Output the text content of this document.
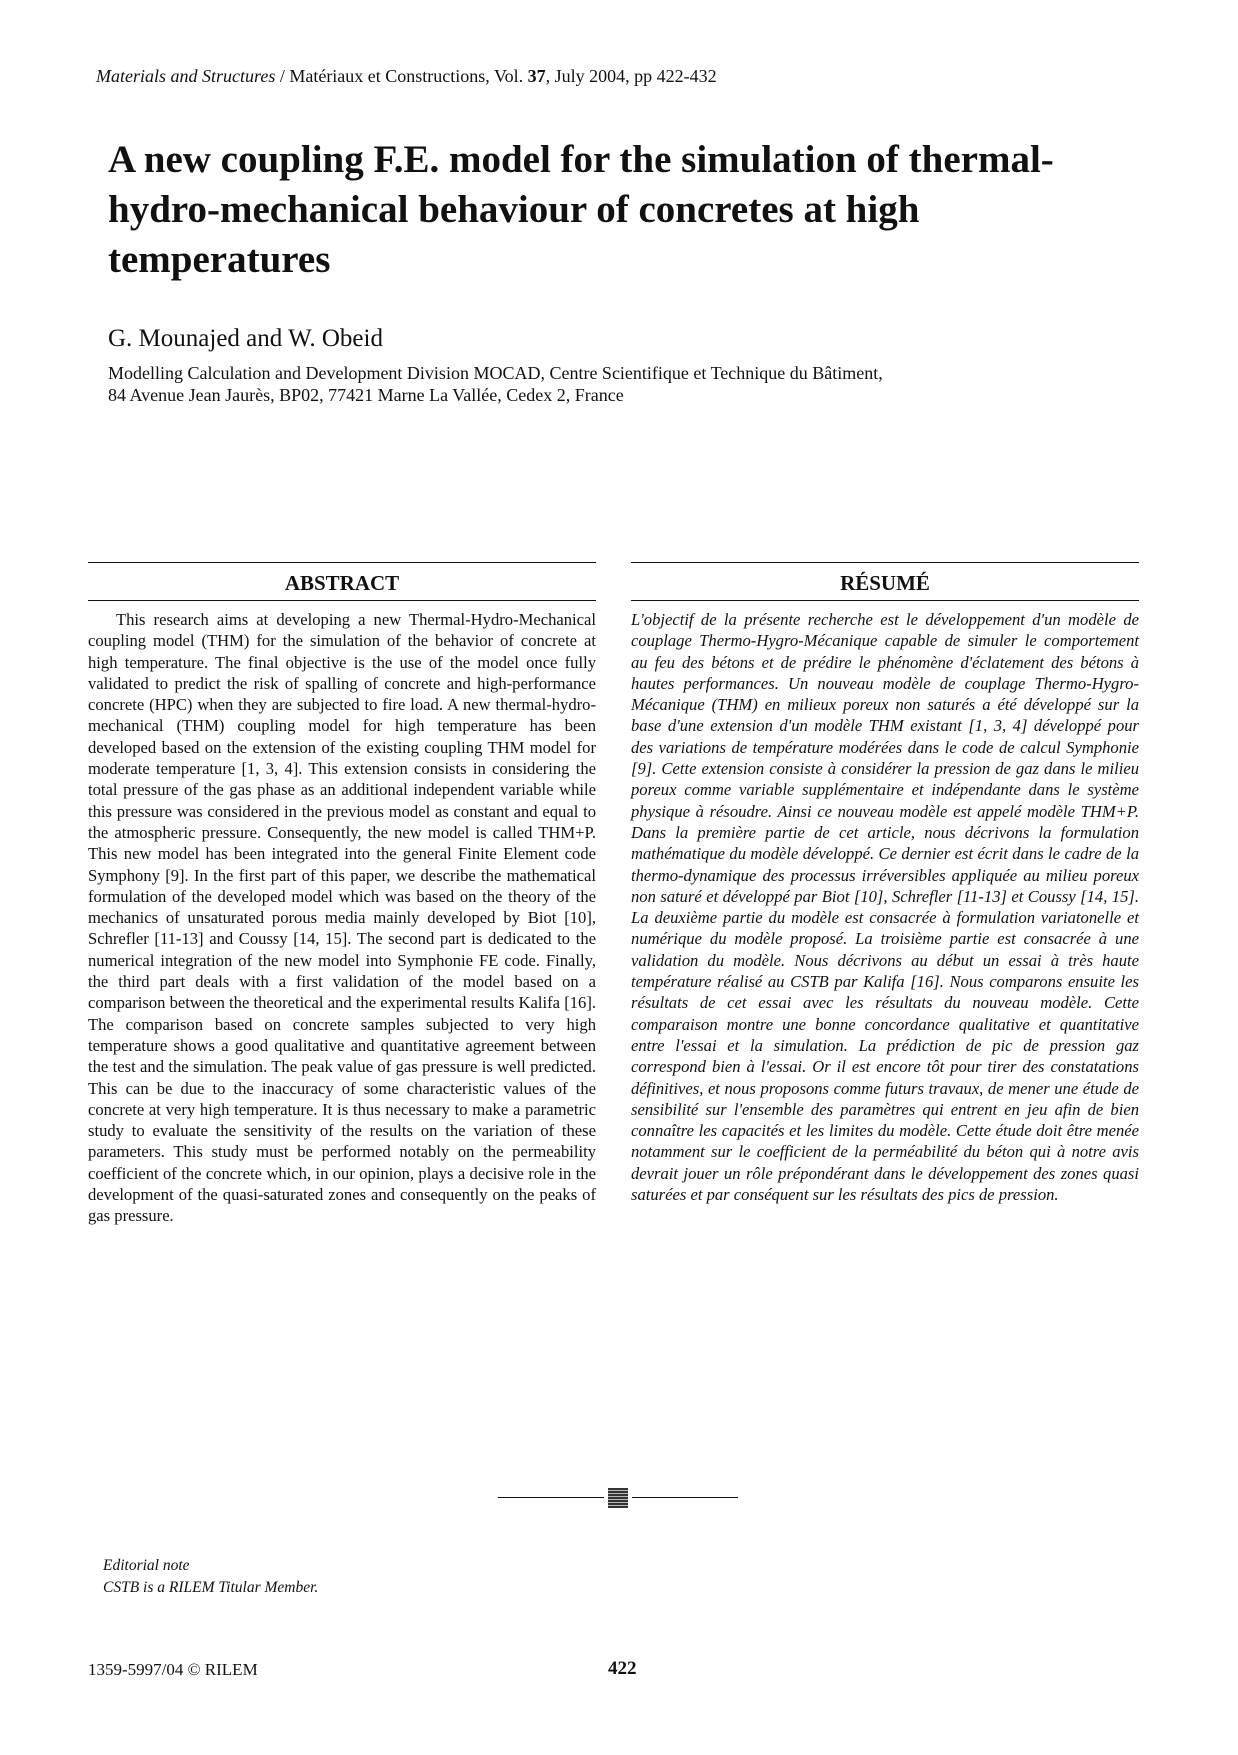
Materials and Structures / Matériaux et Constructions, Vol. 37, July 2004, pp 422-432
A new coupling F.E. model for the simulation of thermal-hydro-mechanical behaviour of concretes at high temperatures
G. Mounajed and W. Obeid
Modelling Calculation and Development Division MOCAD, Centre Scientifique et Technique du Bâtiment,
84 Avenue Jean Jaurès, BP02, 77421 Marne La Vallée, Cedex 2, France
ABSTRACT

This research aims at developing a new Thermal-Hydro-Mechanical coupling model (THM) for the simulation of the behavior of concrete at high temperature. The final objective is the use of the model once fully validated to predict the risk of spalling of concrete and high-performance concrete (HPC) when they are subjected to fire load. A new thermal-hydro-mechanical (THM) coupling model for high temperature has been developed based on the extension of the existing coupling THM model for moderate temperature [1, 3, 4]. This extension consists in considering the total pressure of the gas phase as an additional independent variable while this pressure was considered in the previous model as constant and equal to the atmospheric pressure. Consequently, the new model is called THM+P. This new model has been integrated into the general Finite Element code Symphony [9]. In the first part of this paper, we describe the mathematical formulation of the developed model which was based on the theory of the mechanics of unsaturated porous media mainly developed by Biot [10], Schrefler [11-13] and Coussy [14, 15]. The second part is dedicated to the numerical integration of the new model into Symphonie FE code. Finally, the third part deals with a first validation of the model based on a comparison between the theoretical and the experimental results Kalifa [16]. The comparison based on concrete samples subjected to very high temperature shows a good qualitative and quantitative agreement between the test and the simulation. The peak value of gas pressure is well predicted. This can be due to the inaccuracy of some characteristic values of the concrete at very high temperature. It is thus necessary to make a parametric study to evaluate the sensitivity of the results on the variation of these parameters. This study must be performed notably on the permeability coefficient of the concrete which, in our opinion, plays a decisive role in the development of the quasi-saturated zones and consequently on the peaks of gas pressure.

RÉSUMÉ

L'objectif de la présente recherche est le développement d'un modèle de couplage Thermo-Hygro-Mécanique capable de simuler le comportement au feu des bétons et de prédire le phénomène d'éclatement des bétons à hautes performances. Un nouveau modèle de couplage Thermo-Hygro-Mécanique (THM) en milieux poreux non saturés a été développé sur la base d'une extension d'un modèle THM existant [1, 3, 4] développé pour des variations de température modérées dans le code de calcul Symphonie [9]. Cette extension consiste à considérer la pression de gaz dans le milieu poreux comme variable supplémentaire et indépendante dans le système physique à résoudre. Ainsi ce nouveau modèle est appelé modèle THM+P. Dans la première partie de cet article, nous décrivons la formulation mathématique du modèle développé. Ce dernier est écrit dans le cadre de la thermo-dynamique des processus irréversibles appliquée au milieu poreux non saturé et développé par Biot [10], Schrefler [11-13] et Coussy [14, 15]. La deuxième partie du modèle est consacrée à formulation variatonelle et numérique du modèle proposé. La troisième partie est consacrée à une validation du modèle. Nous décrivons au début un essai à très haute température réalisé au CSTB par Kalifa [16]. Nous comparons ensuite les résultats de cet essai avec les résultats du nouveau modèle. Cette comparaison montre une bonne concordance qualitative et quantitative entre l'essai et la simulation. La prédiction de pic de pression gaz correspond bien à l'essai. Or il est encore tôt pour tirer des constatations définitives, et nous proposons comme futurs travaux, de mener une étude de sensibilité sur l'ensemble des paramètres qui entrent en jeu afin de bien connaître les capacités et les limites du modèle. Cette étude doit être menée notamment sur le coefficient de la perméabilité du béton qui à notre avis devrait jouer un rôle prépondérant dans le développement des zones quasi saturées et par conséquent sur les résultats des pics de pression.

Editorial note
CSTB is a RILEM Titular Member.
1359-5997/04 © RILEM	422
